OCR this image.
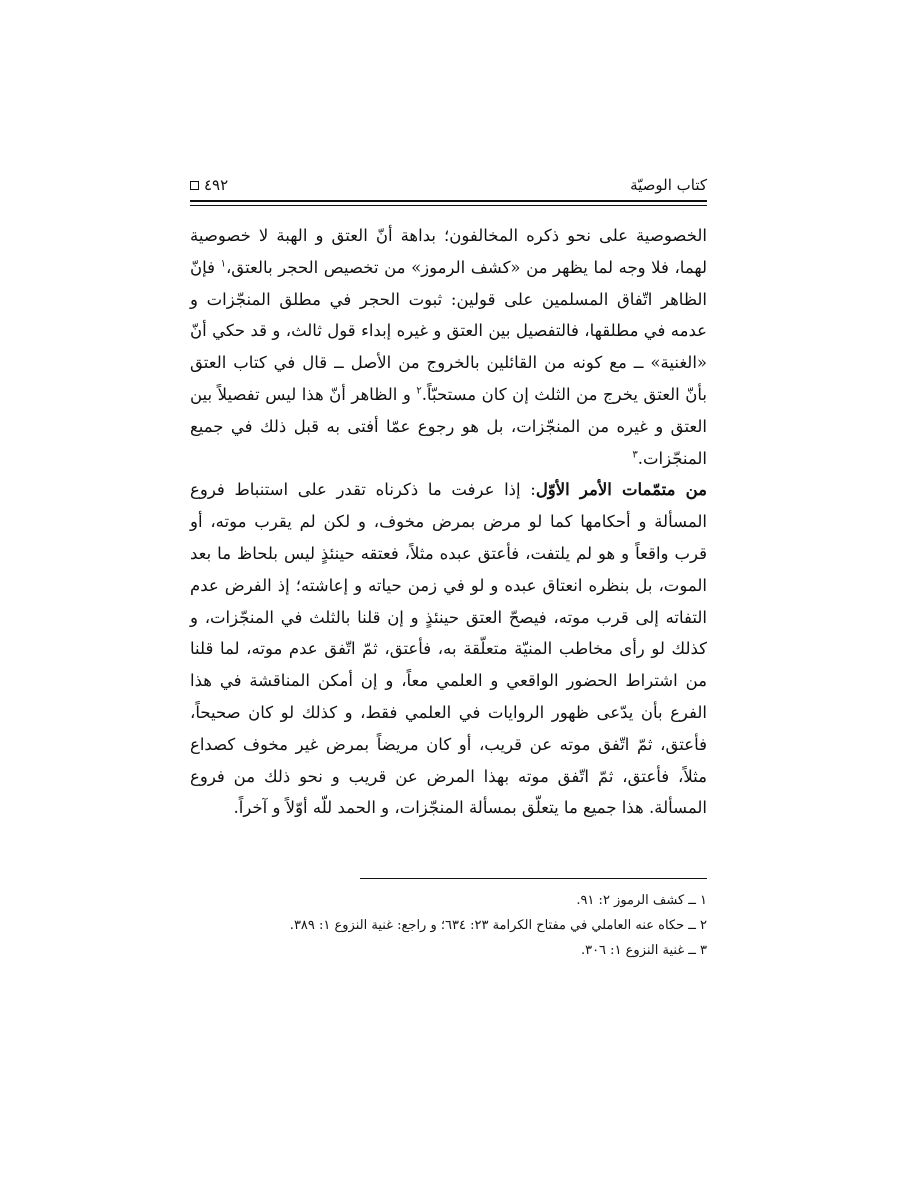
كتاب الوصيّة
٤٩٢

الخصوصية على نحو ذكره المخالفون؛ بداهة أنّ العتق و الهبة لا خصوصية لهما، فلا وجه لما يظهر من «كشف الرموز» من تخصيص الحجر بالعتق،$^١$ فإنّ الظاهر اتّفاق المسلمين على قولين: ثبوت الحجر في مطلق المنجّزات و عدمه في مطلقها، فالتفصيل بين العتق و غيره إبداء قول ثالث، و قد حكي أنّ «الغنية» ــ مع كونه من القائلين بالخروج من الأصل ــ قال في كتاب العتق بأنّ العتق يخرج من الثلث إن كان مستحبّاً.$^٢$ و الظاهر أنّ هذا ليس تفصيلاً بين العتق و غيره من المنجّزات، بل هو رجوع عمّا أفتى به قبل ذلك في جميع المنجّزات.$^٣$

من متمّمات الأمر الأوّل: إذا عرفت ما ذكرناه تقدر على استنباط فروع المسألة و أحكامها كما لو مرض بمرض مخوف، و لكن لم يقرب موته، أو قرب واقعاً و هو لم يلتفت، فأعتق عبده مثلاً، فعتقه حينئذٍ ليس بلحاظ ما بعد الموت، بل بنظره انعتاق عبده و لو في زمن حياته و إعاشته؛ إذ الفرض عدم التفاته إلى قرب موته، فيصحّ العتق حينئذٍ و إن قلنا بالثلث في المنجّزات، و كذلك لو رأى مخاطب المنيّة متعلّقة به، فأعتق، ثمّ اتّفق عدم موته، لما قلنا من اشتراط الحضور الواقعي و العلمي معاً، و إن أمكن المناقشة في هذا الفرع بأن يدّعى ظهور الروايات في العلمي فقط، و كذلك لو كان صحيحاً، فأعتق، ثمّ اتّفق موته عن قريب، أو كان مريضاً بمرض غير مخوف كصداع مثلاً، فأعتق، ثمّ اتّفق موته بهذا المرض عن قريب و نحو ذلك من فروع المسألة. هذا جميع ما يتعلّق بمسألة المنجّزات، و الحمد للّه أوّلاً و آخراً.

١ ــ كشف الرموز ٢: ٩١.
٢ ــ حكاه عنه العاملي في مفتاح الكرامة ٢٣: ٦٣٤؛ و راجع: غنية النزوع ١: ٣٨٩.
٣ ــ غنية النزوع ١: ٣٠٦.
